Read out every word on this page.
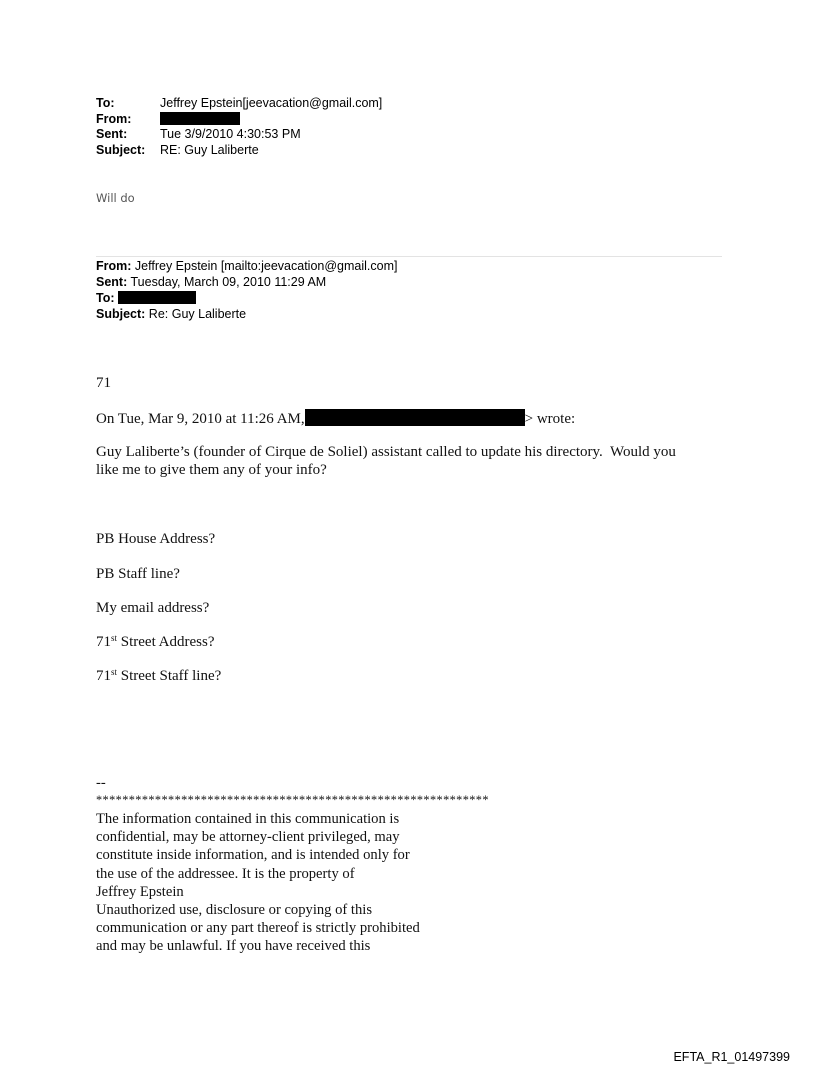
To:	Jeffrey Epstein[jeevacation@gmail.com]
From:
Sent:	Tue 3/9/2010 4:30:53 PM
Subject: RE: Guy Laliberte
Will do
From: Jeffrey Epstein [mailto:jeevacation@gmail.com]
Sent: Tuesday, March 09, 2010 11:29 AM
To:
Subject: Re: Guy Laliberte
71
On Tue, Mar 9, 2010 at 11:26 AM,	> wrote:
Guy Laliberte’s (founder of Cirque de Soliel) assistant called to update his directory.  Would you
like me to give them any of your info?
PB House Address?
PB Staff line?
My email address?
71st Street Address?
71st Street Staff line?
--
************************************************************
The information contained in this communication is
confidential, may be attorney-client privileged, may
constitute inside information, and is intended only for
the use of the addressee. It is the property of
Jeffrey Epstein
Unauthorized use, disclosure or copying of this
communication or any part thereof is strictly prohibited
and may be unlawful. If you have received this
EFTA_R1_01497399
